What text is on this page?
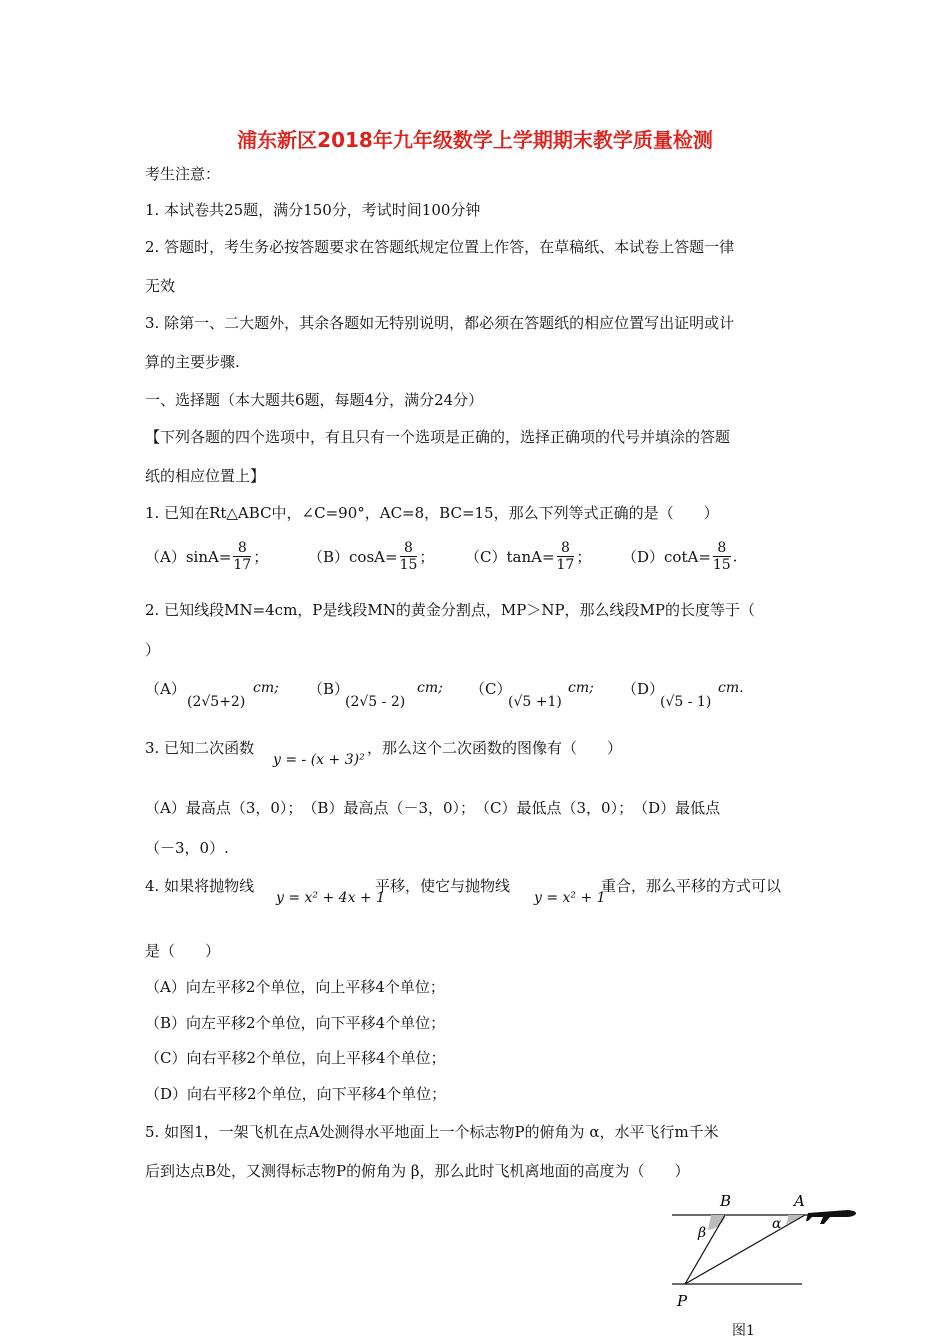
浦东新区2018年九年级数学上学期期末教学质量检测
考生注意：
1. 本试卷共25题，满分150分，考试时间100分钟
2. 答题时，考生务必按答题要求在答题纸规定位置上作答，在草稿纸、本试卷上答题一律
无效
3. 除第一、二大题外，其余各题如无特别说明，都必须在答题纸的相应位置写出证明或计
算的主要步骤.
一、选择题（本大题共6题，每题4分，满分24分）
【下列各题的四个选项中，有且只有一个选项是正确的，选择正确项的代号并填涂的答题
纸的相应位置上】
1. 已知在Rt△ABC中，∠C=90°，AC=8，BC=15，那么下列等式正确的是（　　）
$(A)\sin A= \frac{8}{17}$ ；	$(B)\cos A= \frac{8}{15}$ ； $(C)\tan A= \frac{8}{17}$ ； $(D)\cot A= \frac{8}{15}$ .
2. 已知线段MN=4cm，P是线段MN的黄金分割点，MP＞NP，那么线段MP的长度等于（
）
（A）
(2√5+2)
cm; （B）
(2√5 - 2)
cm; （C）
(√5 +1)
cm; （D）
(√5 - 1)
cm.
3. 已知二次函数
y = - (x + 3)²
，那么这个二次函数的图像有（　　）
（A）最高点（3，0）；　（B）最高点（－3，0）；　（C）最低点（3，0）；　（D）最低点
（－3，0）.
4. 如果将抛物线
y = x² + 4x + 1
平移，使它与抛物线
y = x² + 1
重合，那么平移的方式可以
是（　　）
（A）向左平移2个单位，向上平移4个单位；
（B）向左平移2个单位，向下平移4个单位；
（C）向右平移2个单位，向上平移4个单位；
（D）向右平移2个单位，向下平移4个单位；
5. 如图1，一架飞机在点A处测得水平地面上一个标志物P的俯角为 α，水平飞行m千米
后到达点B处，又测得标志物P的俯角为 β，那么此时飞机离地面的高度为（　　）
B	A
P
β
α
图1
